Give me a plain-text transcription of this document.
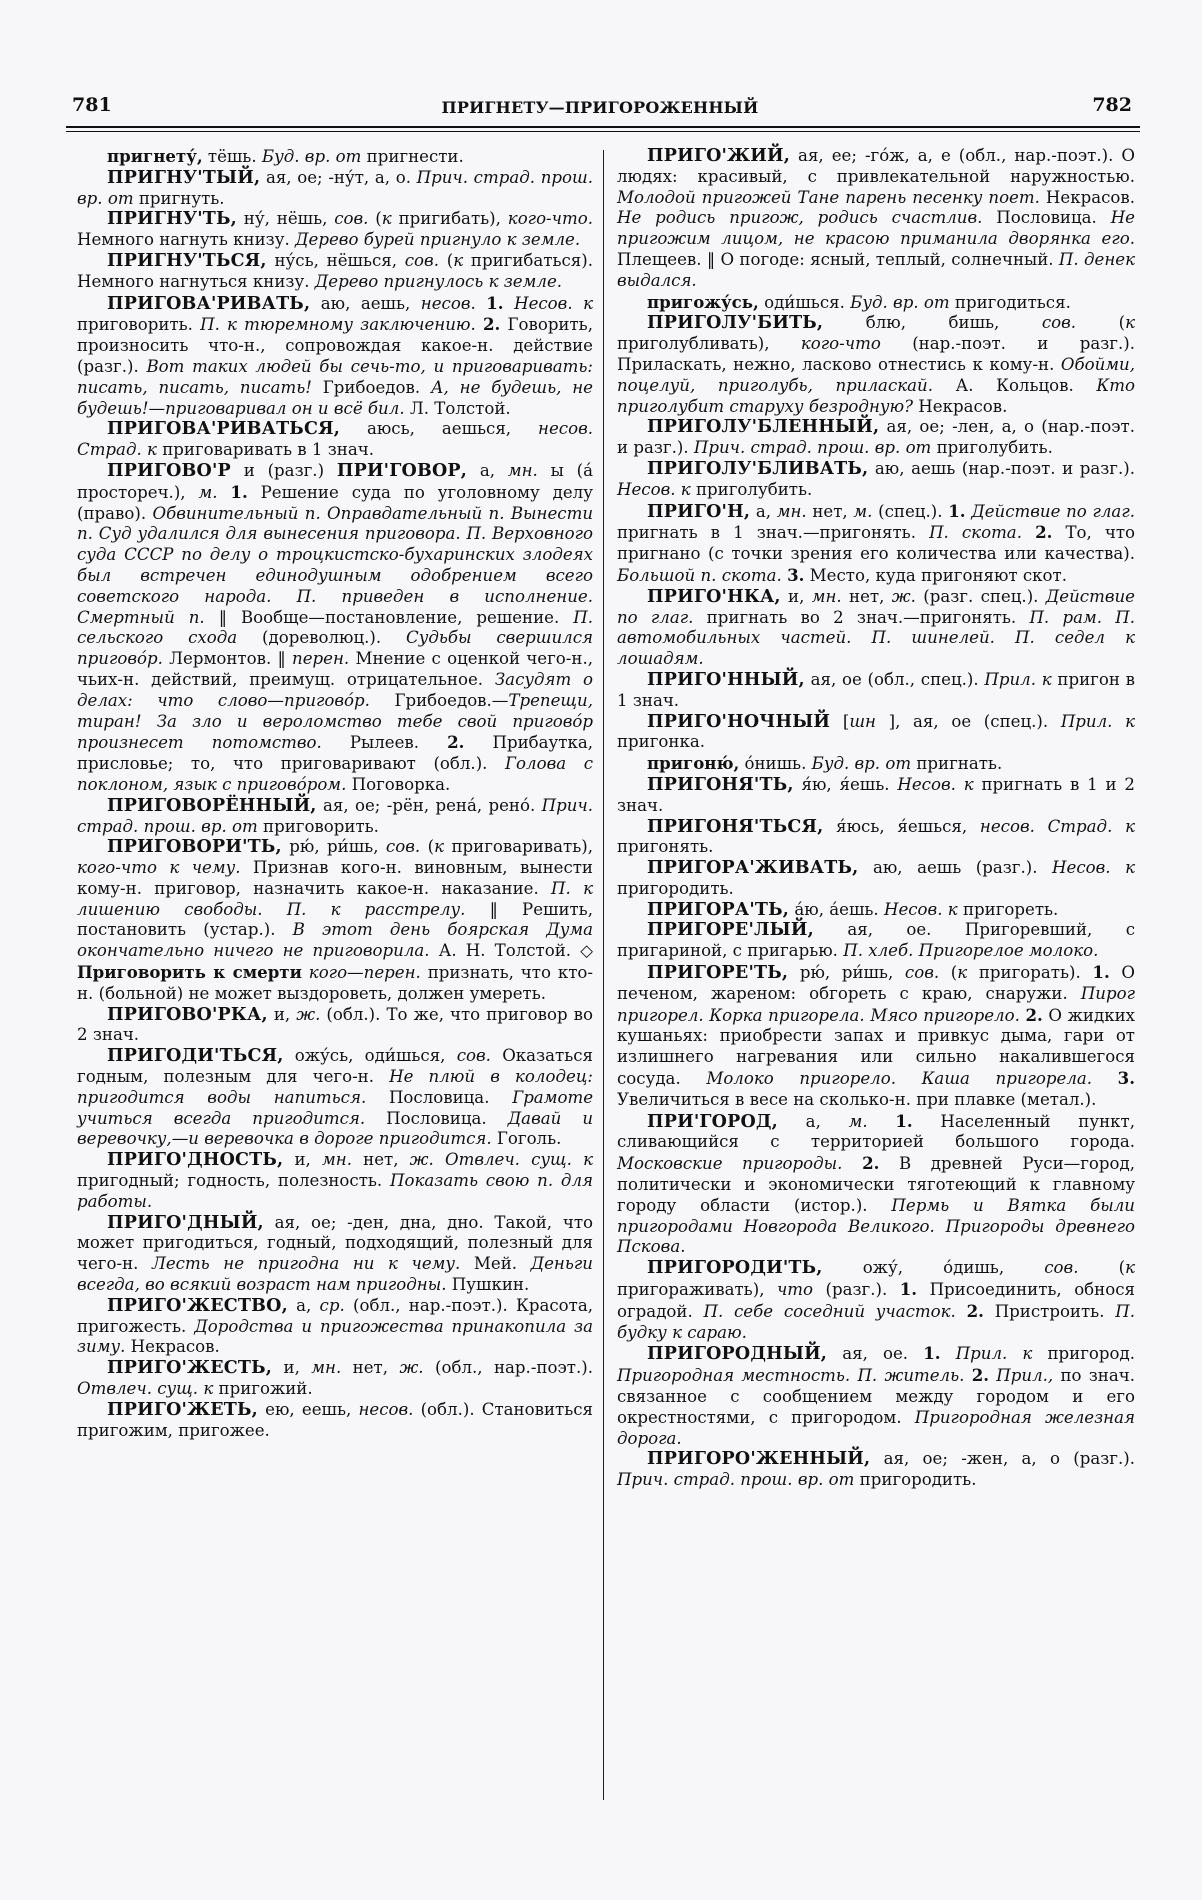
781	ПРИГНЕТУ—ПРИГОРОЖЕННЫЙ	782

пригнету́, тёшь. Буд. вр. от пригнести.

ПРИГНУ'ТЫЙ, ая, ое; -ну́т, а, о. Прич. страд. прош. вр. от пригнуть.

ПРИГНУ'ТЬ, ну́, нёшь, сов. (к пригибать), кого-что. Немного нагнуть книзу. Дерево бурей пригнуло к земле.

ПРИГНУ'ТЬСЯ, ну́сь, нёшься, сов. (к пригибаться). Немного нагнуться книзу. Дерево пригнулось к земле.

ПРИГОВА'РИВАТЬ, аю, аешь, несов. 1. Несов. к приговорить. П. к тюремному заключению. 2. Говорить, произносить что-н., сопровождая какое-н. действие (разг.). Вот таких людей бы сечь-то, и приговаривать: писать, писать, писать! Грибоедов. А, не будешь, не будешь!—приговаривал он и всё бил. Л. Толстой.

ПРИГОВА'РИВАТЬСЯ, аюсь, аешься, несов. Страд. к приговаривать в 1 знач.

ПРИГОВО'Р и (разг.) ПРИ'ГОВОР, а, мн. ы (а́ простореч.), м. 1. Решение суда по уголовному делу (право). Обвинительный п. Оправдательный п. Вынести п. Суд удалился для вынесения приговора. П. Верховного суда СССР по делу о троцкистско-бухаринских злодеях был встречен единодушным одобрением всего советского народа. П. приведен в исполнение. Смертный п. ‖ Вообще—постановление, решение. П. сельского схода (дореволюц.). Судьбы свершился приговóр. Лермонтов. ‖ перен. Мнение с оценкой чего-н., чьих-н. действий, преимущ. отрицательное. Засудят о делах: что слово—приговóр. Грибоедов.—Трепещи, тиран! За зло и вероломство тебе свой приговóр произнесет потомство. Рылеев. 2. Прибаутка, присловье; то, что приговаривают (обл.). Голова с поклоном, язык с приговóром. Поговорка.

ПРИГОВОРЁННЫЙ, ая, ое; -рён, рена́, рено́. Прич. страд. прош. вр. от приговорить.

ПРИГОВОРИ'ТЬ, рю́, ри́шь, сов. (к приговаривать), кого-что к чему. Признав кого-н. виновным, вынести кому-н. приговор, назначить какое-н. наказание. П. к лишению свободы. П. к расстрелу. ‖ Решить, постановить (устар.). В этот день боярская Дума окончательно ничего не приговорила. А. Н. Толстой. ◇ Приговорить к смерти кого—перен. признать, что кто-н. (больной) не может выздороветь, должен умереть.

ПРИГОВО'РКА, и, ж. (обл.). То же, что приговор во 2 знач.

ПРИГОДИ'ТЬСЯ, ожу́сь, оди́шься, сов. Оказаться годным, полезным для чего-н. Не плюй в колодец: пригодится воды напиться. Пословица. Грамоте учиться всегда пригодится. Пословица. Давай и веревочку,—и веревочка в дороге пригодится. Гоголь.

ПРИГО'ДНОСТЬ, и, мн. нет, ж. Отвлеч. сущ. к пригодный; годность, полезность. Показать свою п. для работы.

ПРИГО'ДНЫЙ, ая, ое; -ден, дна, дно. Такой, что может пригодиться, годный, подходящий, полезный для чего-н. Лесть не пригодна ни к чему. Мей. Деньги всегда, во всякий возраст нам пригодны. Пушкин.

ПРИГО'ЖЕСТВО, а, ср. (обл., нар.-поэт.). Красота, пригожесть. Дородства и пригожества принакопила за зиму. Некрасов.

ПРИГО'ЖЕСТЬ, и, мн. нет, ж. (обл., нар.-поэт.). Отвлеч. сущ. к пригожий.

ПРИГО'ЖЕТЬ, ею, еешь, несов. (обл.). Становиться пригожим, пригожее.

ПРИГО'ЖИЙ, ая, ее; -го́ж, а, е (обл., нар.-поэт.). О людях: красивый, с привлекательной наружностью. Молодой пригожей Тане парень песенку поет. Некрасов. Не родись пригож, родись счастлив. Пословица. Не пригожим лицом, не красою приманила дворянка его. Плещеев. ‖ О погоде: ясный, теплый, солнечный. П. денек выдался.

пригожу́сь, оди́шься. Буд. вр. от пригодиться.

ПРИГОЛУ'БИТЬ, блю, бишь, сов. (к приголубливать), кого-что (нар.-поэт. и разг.). Приласкать, нежно, ласково отнестись к кому-н. Обойми, поцелуй, приголубь, приласкай. А. Кольцов. Кто приголубит старуху безродную? Некрасов.

ПРИГОЛУ'БЛЕННЫЙ, ая, ое; -лен, а, о (нар.-поэт. и разг.). Прич. страд. прош. вр. от приголубить.

ПРИГОЛУ'БЛИВАТЬ, аю, аешь (нар.-поэт. и разг.). Несов. к приголубить.

ПРИГО'Н, а, мн. нет, м. (спец.). 1. Действие по глаг. пригнать в 1 знач.—пригонять. П. скота. 2. То, что пригнано (с точки зрения его количества или качества). Большой п. скота. 3. Место, куда пригоняют скот.

ПРИГО'НКА, и, мн. нет, ж. (разг. спец.). Действие по глаг. пригнать во 2 знач.—пригонять. П. рам. П. автомобильных частей. П. шинелей. П. седел к лошадям.

ПРИГО'ННЫЙ, ая, ое (обл., спец.). Прил. к пригон в 1 знач.

ПРИГО'НОЧНЫЙ [шн ], ая, ое (спец.). Прил. к пригонка.

пригоню́, о́нишь. Буд. вр. от пригнать.

ПРИГОНЯ'ТЬ, я́ю, я́ешь. Несов. к пригнать в 1 и 2 знач.

ПРИГОНЯ'ТЬСЯ, я́юсь, я́ешься, несов. Страд. к пригонять.

ПРИГОРА'ЖИВАТЬ, аю, аешь (разг.). Несов. к пригородить.

ПРИГОРА'ТЬ, а́ю, а́ешь. Несов. к пригореть.

ПРИГОРЕ'ЛЫЙ, ая, ое. Пригоревший, с пригариной, с пригарью. П. хлеб. Пригорелое молоко.

ПРИГОРЕ'ТЬ, рю́, ри́шь, сов. (к пригорать). 1. О печеном, жареном: обгореть с краю, снаружи. Пирог пригорел. Корка пригорела. Мясо пригорело. 2. О жидких кушаньях: приобрести запах и привкус дыма, гари от излишнего нагревания или сильно накалившегося сосуда. Молоко пригорело. Каша пригорела. 3. Увеличиться в весе на сколько-н. при плавке (метал.).

ПРИ'ГОРОД, а, м. 1. Населенный пункт, сливающийся с территорией большого города. Московские пригороды. 2. В древней Руси—город, политически и экономически тяготеющий к главному городу области (истор.). Пермь и Вятка были пригородами Новгорода Великого. Пригороды древнего Пскова.

ПРИГОРОДИ'ТЬ, ожу́, о́дишь, сов. (к пригораживать), что (разг.). 1. Присоединить, обнося оградой. П. себе соседний участок. 2. Пристроить. П. будку к сараю.

ПРИГОРОДНЫЙ, ая, ое. 1. Прил. к пригород. Пригородная местность. П. житель. 2. Прил., по знач. связанное с сообщением между городом и его окрестностями, с пригородом. Пригородная железная дорога.

ПРИГОРО'ЖЕННЫЙ, ая, ое; -жен, а, о (разг.). Прич. страд. прош. вр. от пригородить.
